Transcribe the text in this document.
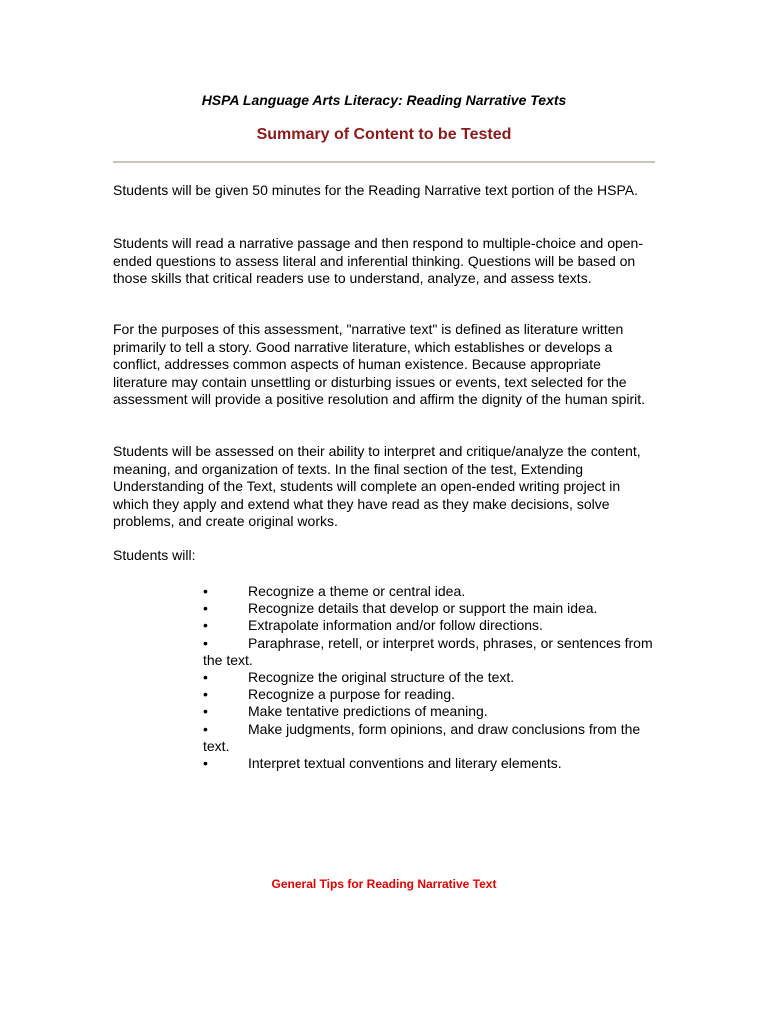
HSPA Language Arts Literacy: Reading Narrative Texts

Summary of Content to be Tested

Students will be given 50 minutes for the Reading Narrative text portion of the HSPA.

Students will read a narrative passage and then respond to multiple-choice and open-ended questions to assess literal and inferential thinking. Questions will be based on those skills that critical readers use to understand, analyze, and assess texts.

For the purposes of this assessment, "narrative text" is defined as literature written primarily to tell a story. Good narrative literature, which establishes or develops a conflict, addresses common aspects of human existence. Because appropriate literature may contain unsettling or disturbing issues or events, text selected for the assessment will provide a positive resolution and affirm the dignity of the human spirit.

Students will be assessed on their ability to interpret and critique/analyze the content, meaning, and organization of texts. In the final section of the test, Extending Understanding of the Text, students will complete an open-ended writing project in which they apply and extend what they have read as they make decisions, solve problems, and create original works.

Students will:

•	Recognize a theme or central idea.
•	Recognize details that develop or support the main idea.
•	Extrapolate information and/or follow directions.
•	Paraphrase, retell, or interpret words, phrases, or sentences from the text.
•	Recognize the original structure of the text.
•	Recognize a purpose for reading.
•	Make tentative predictions of meaning.
•	Make judgments, form opinions, and draw conclusions from the text.
•	Interpret textual conventions and literary elements.
General Tips for Reading Narrative Text
